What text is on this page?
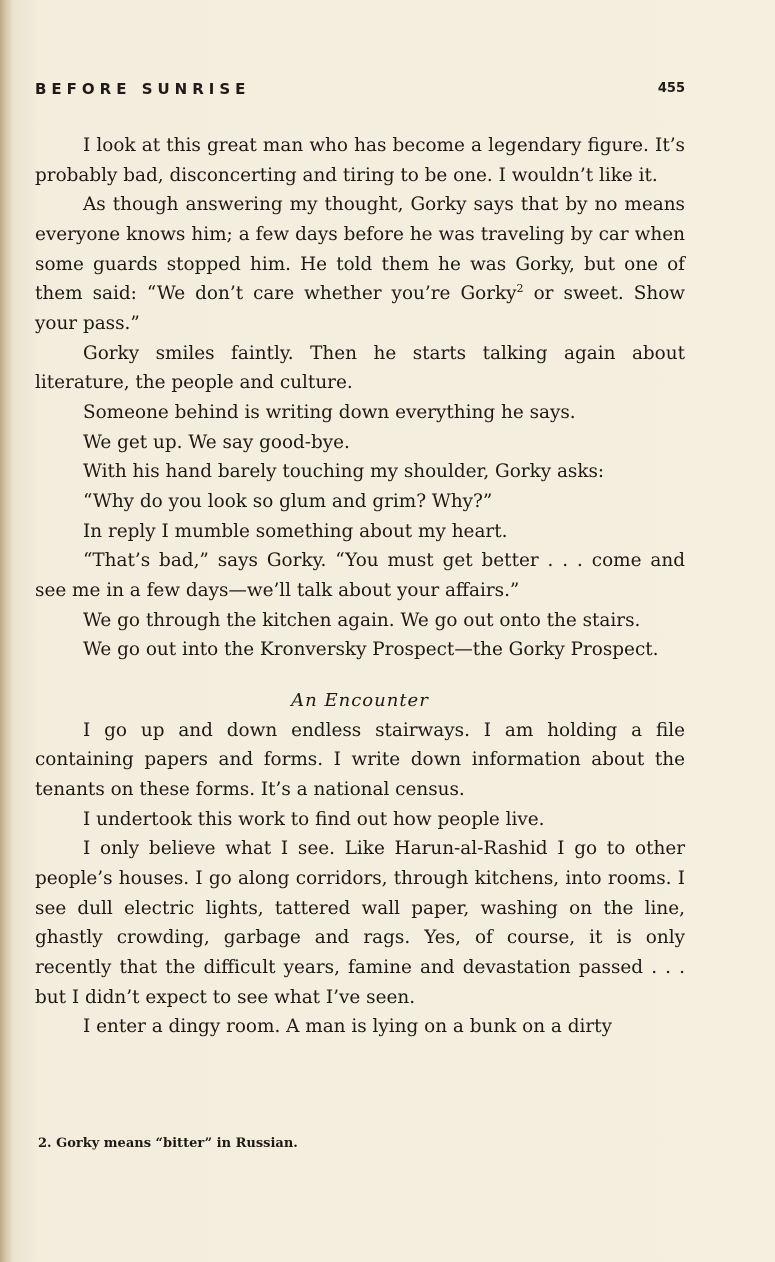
BEFORE SUNRISE	455

I look at this great man who has become a legendary figure. It’s probably bad, disconcerting and tiring to be one. I wouldn’t like it.

As though answering my thought, Gorky says that by no means everyone knows him; a few days before he was traveling by car when some guards stopped him. He told them he was Gorky, but one of them said: “We don’t care whether you’re Gorky$^2$ or sweet. Show your pass.”

Gorky smiles faintly. Then he starts talking again about literature, the people and culture.

Someone behind is writing down everything he says.

We get up. We say good-bye.

With his hand barely touching my shoulder, Gorky asks:

“Why do you look so glum and grim? Why?”

In reply I mumble something about my heart.

“That’s bad,” says Gorky. “You must get better . . . come and see me in a few days—we’ll talk about your affairs.”

We go through the kitchen again. We go out onto the stairs.

We go out into the Kronversky Prospect—the Gorky Prospect.

An Encounter

I go up and down endless stairways. I am holding a file containing papers and forms. I write down information about the tenants on these forms. It’s a national census.

I undertook this work to find out how people live.

I only believe what I see. Like Harun-al-Rashid I go to other people’s houses. I go along corridors, through kitchens, into rooms. I see dull electric lights, tattered wall paper, washing on the line, ghastly crowding, garbage and rags. Yes, of course, it is only recently that the difficult years, famine and devastation passed . . . but I didn’t expect to see what I’ve seen.

I enter a dingy room. A man is lying on a bunk on a dirty

2. Gorky means “bitter” in Russian.
